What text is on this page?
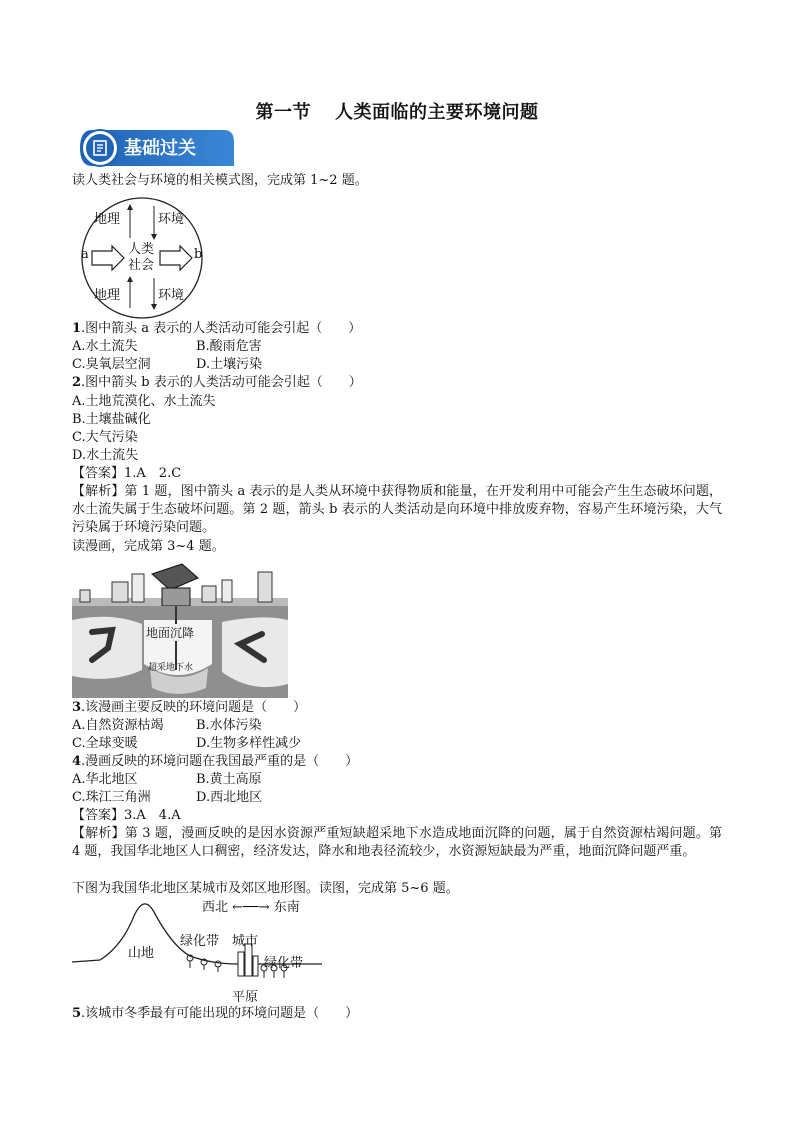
第一节 人类面临的主要环境问题
基础过关
读人类社会与环境的相关模式图，完成第 1~2 题。
地理	环境
地理	环境
人类
社会
a	b
1.图中箭头 a 表示的人类活动可能会引起（　　）
A.水土流失	B.酸雨危害
C.臭氧层空洞	D.土壤污染
2.图中箭头 b 表示的人类活动可能会引起（　　）
A.土地荒漠化、水土流失
B.土壤盐碱化
C.大气污染
D.水土流失
【答案】1.A　2.C
【解析】第 1 题，图中箭头 a 表示的是人类从环境中获得物质和能量，在开发利用中可能会产生生态破坏问题，水土流失属于生态破坏问题。第 2 题，箭头 b 表示的人类活动是向环境中排放废弃物，容易产生环境污染，大气污染属于环境污染问题。
读漫画，完成第 3~4 题。
地面沉降
超采地下水
3.该漫画主要反映的环境问题是（　　）
A.自然资源枯竭 B.水体污染
C.全球变暖	D.生物多样性减少
4.漫画反映的环境问题在我国最严重的是（　　）
A.华北地区	B.黄土高原
C.珠江三角洲	D.西北地区
【答案】3.A　4.A
【解析】第 3 题，漫画反映的是因水资源严重短缺超采地下水造成地面沉降的问题，属于自然资源枯竭问题。第 4 题，我国华北地区人口稠密，经济发达，降水和地表径流较少，水资源短缺最为严重，地面沉降问题严重。
下图为我国华北地区某城市及郊区地形图。读图，完成第 5~6 题。
西北 ←──→ 东南
山地
绿化带 城市
绿化带
平原
5.该城市冬季最有可能出现的环境问题是（　　）
